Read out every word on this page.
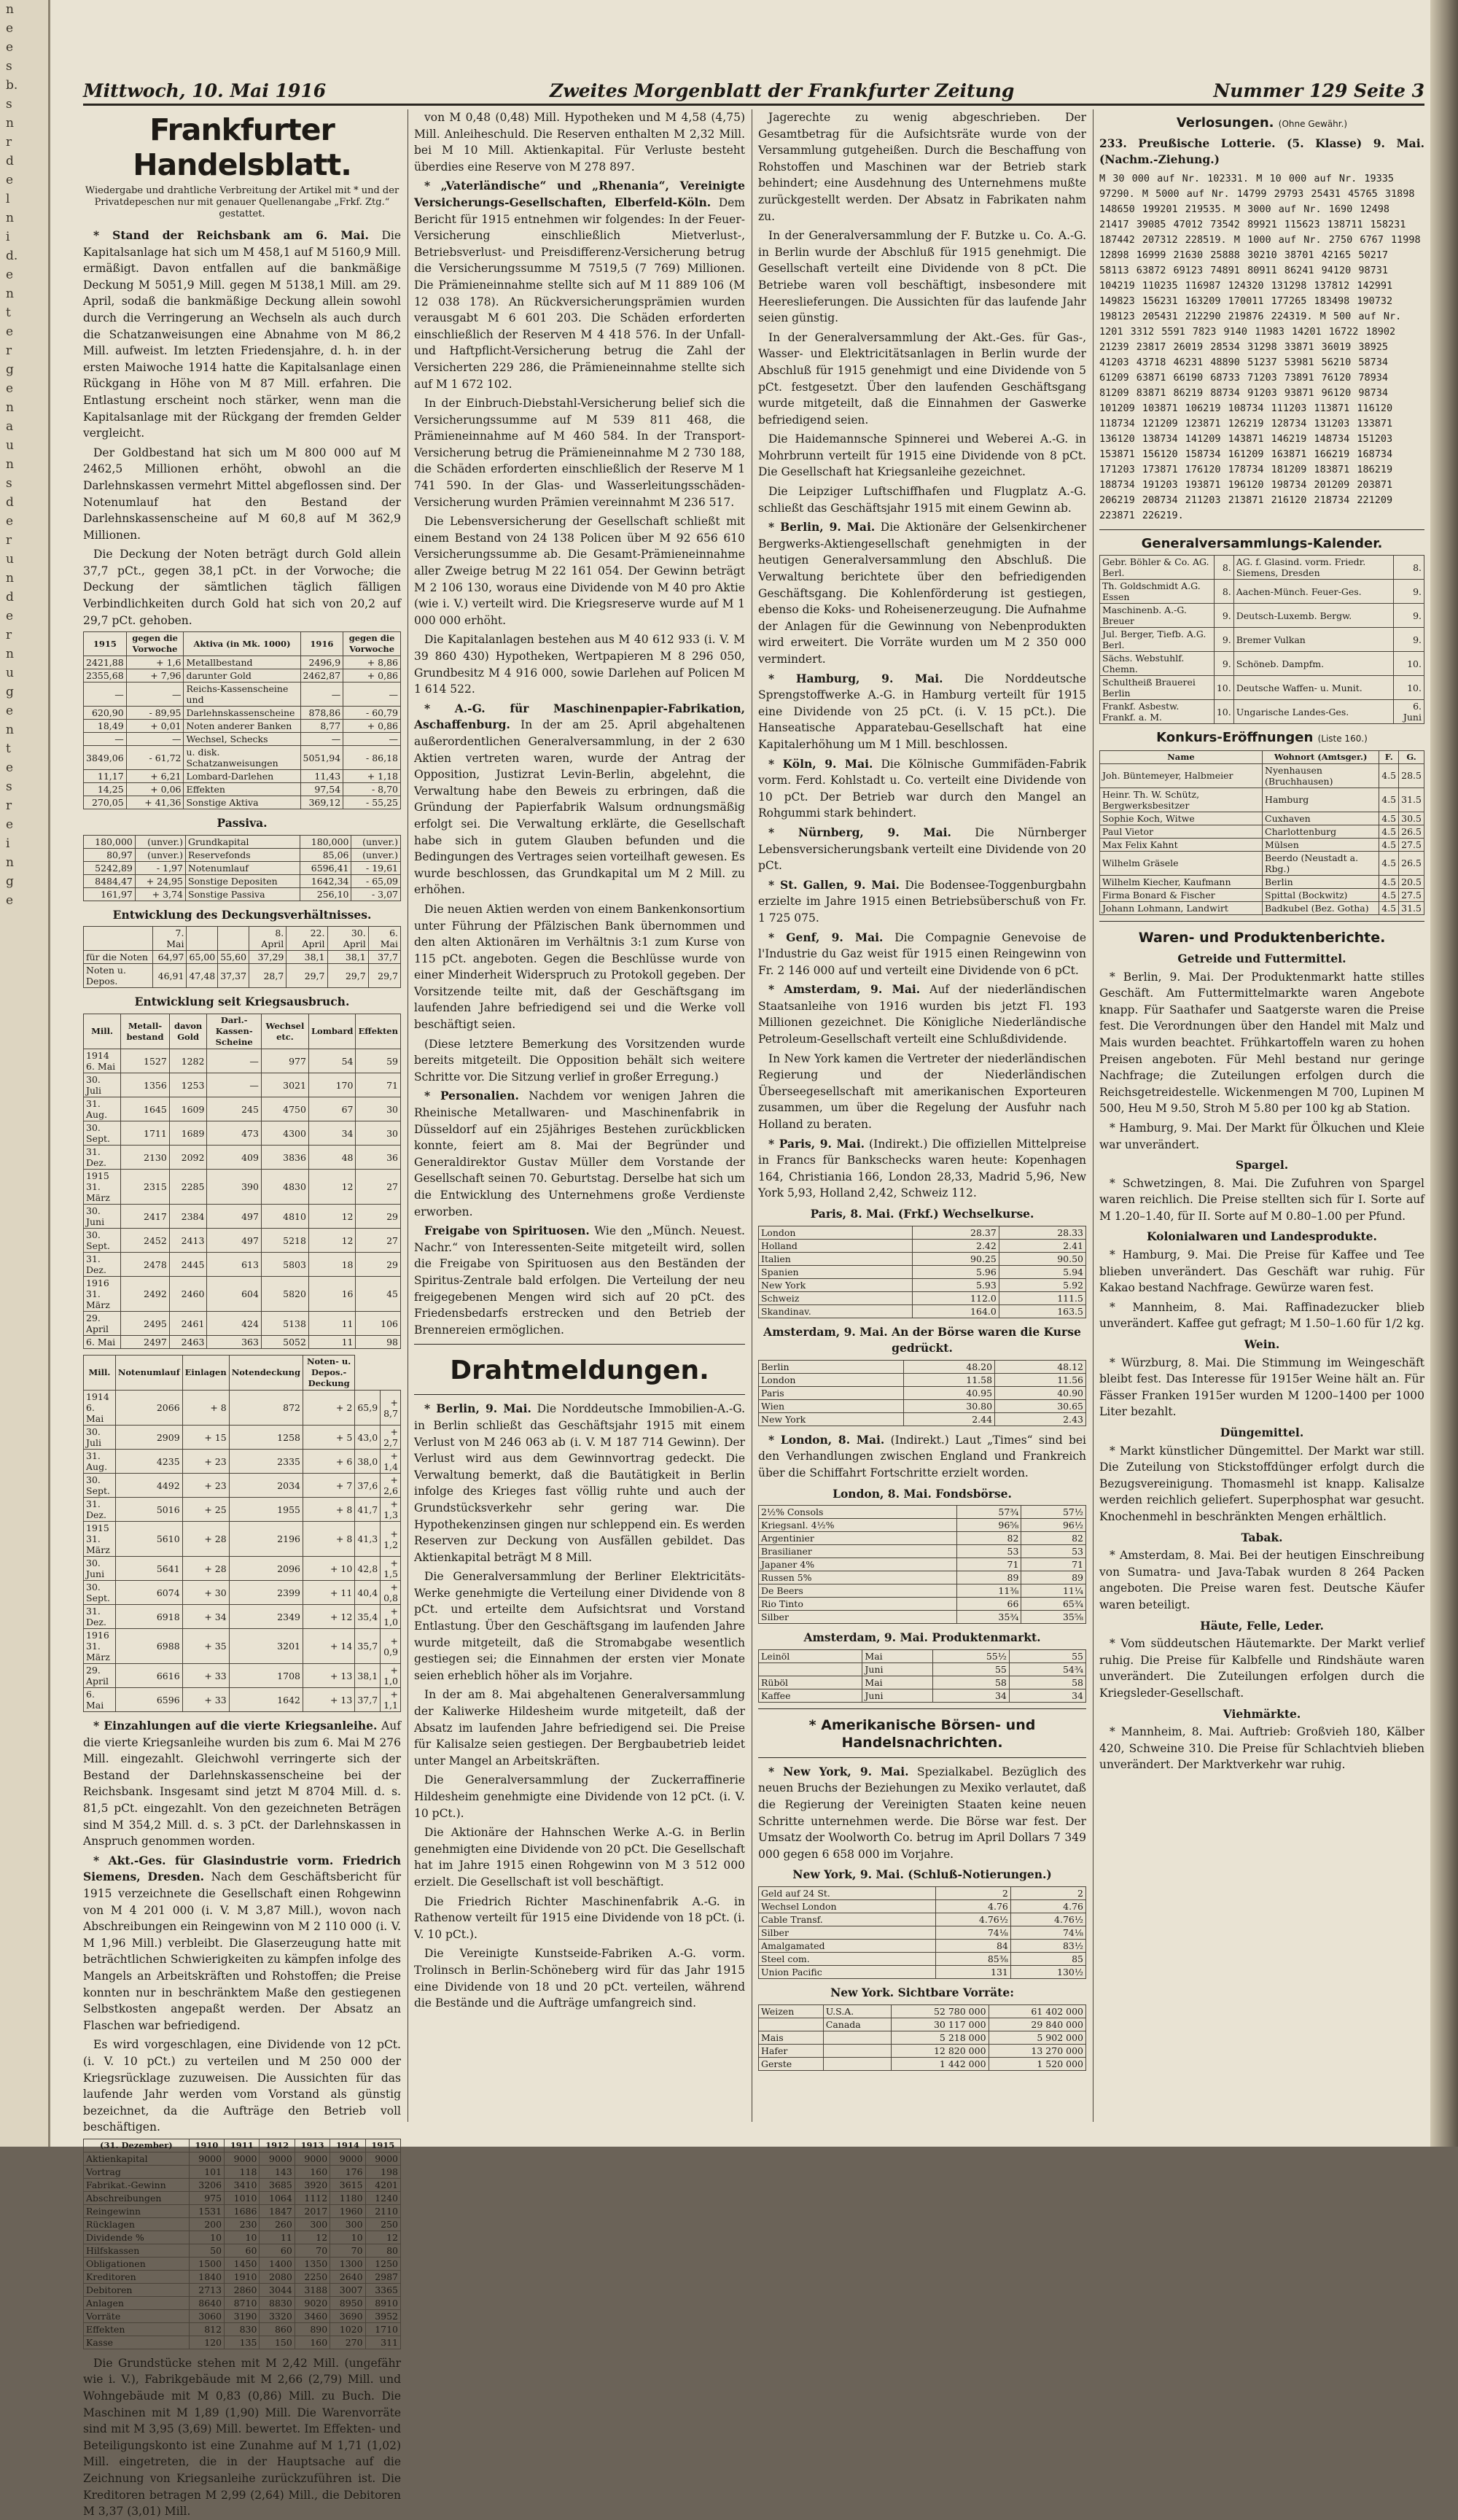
n
e
e
s
b.
s
n
r
d
e
l
n
i
d.
e
n
t
e
r
g
e
n
a
u
n
s
d
e
r
u
n
d
e
r
n
u
g
e
n
t
e
s
r
e
i
n
g
e
Mittwoch, 10. Mai 1916	Zweites Morgenblatt der Frankfurter Zeitung	Nummer 129 Seite 3
Frankfurter Handelsblatt.
Wiedergabe und drahtliche Verbreitung der Artikel mit * und der Privatdepeschen nur mit genauer Quellenangabe „Frkf. Ztg.“ gestattet.

* Stand der Reichsbank am 6. Mai. Die Kapitalsanlage hat sich um M 458,1 auf M 5160,9 Mill. ermäßigt. Davon entfallen auf die bankmäßige Deckung M 5051,9 Mill. gegen M 5138,1 Mill. am 29. April, sodaß die bankmäßige Deckung allein sowohl durch die Verringerung an Wechseln als auch durch die Schatzanweisungen eine Abnahme von M 86,2 Mill. aufweist. Im letzten Friedensjahre, d. h. in der ersten Maiwoche 1914 hatte die Kapitalsanlage einen Rückgang in Höhe von M 87 Mill. erfahren. Die Entlastung erscheint noch stärker, wenn man die Kapitalsanlage mit der Rückgang der fremden Gelder vergleicht.

Der Goldbestand hat sich um M 800 000 auf M 2462,5 Millionen erhöht, obwohl an die Darlehnskassen vermehrt Mittel abgeflossen sind. Der Notenumlauf hat den Bestand der Darlehnskassenscheine auf M 60,8 auf M 362,9 Millionen.

Die Deckung der Noten beträgt durch Gold allein 37,7 pCt., gegen 38,1 pCt. in der Vorwoche; die Deckung der sämtlichen täglich fälligen Verbindlichkeiten durch Gold hat sich von 20,2 auf 29,7 pCt. gehoben.

1915	gegen die Vorwoche	Aktiva (in Mk. 1000)	1916	gegen die Vorwoche
2421,88	+ 1,6	Metallbestand	2496,9	+ 8,86
2355,68	+ 7,96	darunter Gold	2462,87	+ 0,86
—	—	Reichs-Kassenscheine und	—	—
620,90	- 89,95	Darlehnskassenscheine	878,86	- 60,79
18,49	+ 0,01	Noten anderer Banken	8,77	+ 0,86
—	—	Wechsel, Schecks	—	—
3849,06	- 61,72	u. disk. Schatzanweisungen	5051,94	- 86,18
11,17	+ 6,21	Lombard-Darlehen	11,43	+ 1,18
14,25	+ 0,06	Effekten	97,54	- 8,70
270,05	+ 41,36	Sonstige Aktiva	369,12	- 55,25
Passiva.
180,000	(unver.)	Grundkapital	180,000	(unver.)
80,97	(unver.)	Reservefonds	85,06	(unver.)
5242,89	- 1,97	Notenumlauf	6596,41	- 19,61
8484,47	+ 24,95	Sonstige Depositen	1642,34	- 65,09
161,97	+ 3,74	Sonstige Passiva	256,10	- 3,07
Entwicklung des Deckungsverhältnisses.
	7. Mai			8. April	22. April	30. April	6. Mai
für die Noten	64,97	65,00	55,60	37,29	38,1	38,1	37,7
Noten u. Depos.	46,91	47,48	37,37	28,7	29,7	29,7	29,7
Entwicklung seit Kriegsausbruch.
Mill.	Metall-bestand	davon Gold	Darl.-Kassen-Scheine	Wechsel etc.	Lombard	Effekten
1914 6. Mai	1527	1282	—	977	54	59
30. Juli	1356	1253	—	3021	170	71
31. Aug.	1645	1609	245	4750	67	30
30. Sept.	1711	1689	473	4300	34	30
31. Dez.	2130	2092	409	3836	48	36
1915 31. März	2315	2285	390	4830	12	27
30. Juni	2417	2384	497	4810	12	29
30. Sept.	2452	2413	497	5218	12	27
31. Dez.	2478	2445	613	5803	18	29
1916 31. März	2492	2460	604	5820	16	45
29. April	2495	2461	424	5138	11	106
6. Mai	2497	2463	363	5052	11	98
Mill.	Notenumlauf	Einlagen	Notendeckung	Noten- u. Depos.-Deckung		
1914 6. Mai	2066	+ 8	872	+ 2	65,9	+ 8,7
30. Juli	2909	+ 15	1258	+ 5	43,0	+ 2,7
31. Aug.	4235	+ 23	2335	+ 6	38,0	+ 1,4
30. Sept.	4492	+ 23	2034	+ 7	37,6	+ 2,6
31. Dez.	5016	+ 25	1955	+ 8	41,7	+ 1,3
1915 31. März	5610	+ 28	2196	+ 8	41,3	+ 1,2
30. Juni	5641	+ 28	2096	+ 10	42,8	+ 1,5
30. Sept.	6074	+ 30	2399	+ 11	40,4	+ 0,8
31. Dez.	6918	+ 34	2349	+ 12	35,4	+ 1,0
1916 31. März	6988	+ 35	3201	+ 14	35,7	+ 0,9
29. April	6616	+ 33	1708	+ 13	38,1	+ 1,0
6. Mai	6596	+ 33	1642	+ 13	37,7	+ 1,1

* Einzahlungen auf die vierte Kriegsanleihe. Auf die vierte Kriegsanleihe wurden bis zum 6. Mai M 276 Mill. eingezahlt. Gleichwohl verringerte sich der Bestand der Darlehnskassenscheine bei der Reichsbank. Insgesamt sind jetzt M 8704 Mill. d. s. 81,5 pCt. eingezahlt. Von den gezeichneten Beträgen sind M 354,2 Mill. d. s. 3 pCt. der Darlehnskassen in Anspruch genommen worden.

* Akt.-Ges. für Glasindustrie vorm. Friedrich Siemens, Dresden. Nach dem Geschäftsbericht für 1915 verzeichnete die Gesellschaft einen Rohgewinn von M 4 201 000 (i. V. M 3,87 Mill.), wovon nach Abschreibungen ein Reingewinn von M 2 110 000 (i. V. M 1,96 Mill.) verbleibt. Die Glaserzeugung hatte mit beträchtlichen Schwierigkeiten zu kämpfen infolge des Mangels an Arbeitskräften und Rohstoffen; die Preise konnten nur in beschränktem Maße den gestiegenen Selbstkosten angepaßt werden. Der Absatz an Flaschen war befriedigend.

Es wird vorgeschlagen, eine Dividende von 12 pCt. (i. V. 10 pCt.) zu verteilen und M 250 000 der Kriegsrücklage zuzuweisen. Die Aussichten für das laufende Jahr werden vom Vorstand als günstig bezeichnet, da die Aufträge den Betrieb voll beschäftigen.

(31. Dezember)	1910	1911	1912	1913	1914	1915
Aktienkapital	9000	9000	9000	9000	9000	9000
Vortrag	101	118	143	160	176	198
Fabrikat.-Gewinn	3206	3410	3685	3920	3615	4201
Abschreibungen	975	1010	1064	1112	1180	1240
Reingewinn	1531	1686	1847	2017	1960	2110
Rücklagen	200	230	260	300	300	250
Dividende %	10	10	11	12	10	12
Hilfskassen	50	60	60	70	70	80
Obligationen	1500	1450	1400	1350	1300	1250
Kreditoren	1840	1910	2080	2250	2640	2987
Debitoren	2713	2860	3044	3188	3007	3365
Anlagen	8640	8710	8830	9020	8950	8910
Vorräte	3060	3190	3320	3460	3690	3952
Effekten	812	830	860	890	1020	1710
Kasse	120	135	150	160	270	311

Die Grundstücke stehen mit M 2,42 Mill. (ungefähr wie i. V.), Fabrikgebäude mit M 2,66 (2,79) Mill. und Wohngebäude mit M 0,83 (0,86) Mill. zu Buch. Die Maschinen mit M 1,89 (1,90) Mill. Die Warenvorräte sind mit M 3,95 (3,69) Mill. bewertet. Im Effekten- und Beteiligungskonto ist eine Zunahme auf M 1,71 (1,02) Mill. eingetreten, die in der Hauptsache auf die Zeichnung von Kriegsanleihe zurückzuführen ist. Die Kreditoren betragen M 2,99 (2,64) Mill., die Debitoren M 3,37 (3,01) Mill.

von M 0,48 (0,48) Mill. Hypotheken und M 4,58 (4,75) Mill. Anleiheschuld. Die Reserven enthalten M 2,32 Mill. bei M 10 Mill. Aktienkapital. Für Verluste besteht überdies eine Reserve von M 278 897.

* „Vaterländische“ und „Rhenania“, Vereinigte Versicherungs-Gesellschaften, Elberfeld-Köln. Dem Bericht für 1915 entnehmen wir folgendes: In der Feuer-Versicherung einschließlich Mietverlust-, Betriebsverlust- und Preisdifferenz-Versicherung betrug die Versicherungssumme M 7519,5 (7 769) Millionen. Die Prämieneinnahme stellte sich auf M 11 889 106 (M 12 038 178). An Rückversicherungsprämien wurden verausgabt M 6 601 203. Die Schäden erforderten einschließlich der Reserven M 4 418 576. In der Unfall- und Haftpflicht-Versicherung betrug die Zahl der Versicherten 229 286, die Prämieneinnahme stellte sich auf M 1 672 102.

In der Einbruch-Diebstahl-Versicherung belief sich die Versicherungssumme auf M 539 811 468, die Prämieneinnahme auf M 460 584. In der Transport-Versicherung betrug die Prämieneinnahme M 2 730 188, die Schäden erforderten einschließlich der Reserve M 1 741 590. In der Glas- und Wasserleitungsschäden-Versicherung wurden Prämien vereinnahmt M 236 517.

Die Lebensversicherung der Gesellschaft schließt mit einem Bestand von 24 138 Policen über M 92 656 610 Versicherungssumme ab. Die Gesamt-Prämieneinnahme aller Zweige betrug M 22 161 054. Der Gewinn beträgt M 2 106 130, woraus eine Dividende von M 40 pro Aktie (wie i. V.) verteilt wird. Die Kriegsreserve wurde auf M 1 000 000 erhöht.

Die Kapitalanlagen bestehen aus M 40 612 933 (i. V. M 39 860 430) Hypotheken, Wertpapieren M 8 296 050, Grundbesitz M 4 916 000, sowie Darlehen auf Policen M 1 614 522.

* A.-G. für Maschinenpapier-Fabrikation, Aschaffenburg. In der am 25. April abgehaltenen außerordentlichen Generalversammlung, in der 2 630 Aktien vertreten waren, wurde der Antrag der Opposition, Justizrat Levin-Berlin, abgelehnt, die Verwaltung habe den Beweis zu erbringen, daß die Gründung der Papierfabrik Walsum ordnungsmäßig erfolgt sei. Die Verwaltung erklärte, die Gesellschaft habe sich in gutem Glauben befunden und die Bedingungen des Vertrages seien vorteilhaft gewesen. Es wurde beschlossen, das Grundkapital um M 2 Mill. zu erhöhen.

Die neuen Aktien werden von einem Bankenkonsortium unter Führung der Pfälzischen Bank übernommen und den alten Aktionären im Verhältnis 3:1 zum Kurse von 115 pCt. angeboten. Gegen die Beschlüsse wurde von einer Minderheit Widerspruch zu Protokoll gegeben. Der Vorsitzende teilte mit, daß der Geschäftsgang im laufenden Jahre befriedigend sei und die Werke voll beschäftigt seien.

(Diese letztere Bemerkung des Vorsitzenden wurde bereits mitgeteilt. Die Opposition behält sich weitere Schritte vor. Die Sitzung verlief in großer Erregung.)

* Personalien. Nachdem vor wenigen Jahren die Rheinische Metallwaren- und Maschinenfabrik in Düsseldorf auf ein 25jähriges Bestehen zurückblicken konnte, feiert am 8. Mai der Begründer und Generaldirektor Gustav Müller dem Vorstande der Gesellschaft seinen 70. Geburtstag. Derselbe hat sich um die Entwicklung des Unternehmens große Verdienste erworben.

Freigabe von Spirituosen. Wie den „Münch. Neuest. Nachr.“ von Interessenten-Seite mitgeteilt wird, sollen die Freigabe von Spirituosen aus den Beständen der Spiritus-Zentrale bald erfolgen. Die Verteilung der neu freigegebenen Mengen wird sich auf 20 pCt. des Friedensbedarfs erstrecken und den Betrieb der Brennereien ermöglichen.

Drahtmeldungen.

* Berlin, 9. Mai. Die Norddeutsche Immobilien-A.-G. in Berlin schließt das Geschäftsjahr 1915 mit einem Verlust von M 246 063 ab (i. V. M 187 714 Gewinn). Der Verlust wird aus dem Gewinnvortrag gedeckt. Die Verwaltung bemerkt, daß die Bautätigkeit in Berlin infolge des Krieges fast völlig ruhte und auch der Grundstücksverkehr sehr gering war. Die Hypothekenzinsen gingen nur schleppend ein. Es werden Reserven zur Deckung von Ausfällen gebildet. Das Aktienkapital beträgt M 8 Mill.

Die Generalversammlung der Berliner Elektricitäts-Werke genehmigte die Verteilung einer Dividende von 8 pCt. und erteilte dem Aufsichtsrat und Vorstand Entlastung. Über den Geschäftsgang im laufenden Jahre wurde mitgeteilt, daß die Stromabgabe wesentlich gestiegen sei; die Einnahmen der ersten vier Monate seien erheblich höher als im Vorjahre.

In der am 8. Mai abgehaltenen Generalversammlung der Kaliwerke Hildesheim wurde mitgeteilt, daß der Absatz im laufenden Jahre befriedigend sei. Die Preise für Kalisalze seien gestiegen. Der Bergbaubetrieb leidet unter Mangel an Arbeitskräften.

Die Generalversammlung der Zuckerraffinerie Hildesheim genehmigte eine Dividende von 12 pCt. (i. V. 10 pCt.).

Die Aktionäre der Hahnschen Werke A.-G. in Berlin genehmigten eine Dividende von 20 pCt. Die Gesellschaft hat im Jahre 1915 einen Rohgewinn von M 3 512 000 erzielt. Die Gesellschaft ist voll beschäftigt.

Die Friedrich Richter Maschinenfabrik A.-G. in Rathenow verteilt für 1915 eine Dividende von 18 pCt. (i. V. 10 pCt.).

Die Vereinigte Kunstseide-Fabriken A.-G. vorm. Trolinsch in Berlin-Schöneberg wird für das Jahr 1915 eine Dividende von 18 und 20 pCt. verteilen, während die Bestände und die Aufträge umfangreich sind.

Jagerechte zu wenig abgeschrieben. Der Gesamtbetrag für die Aufsichtsräte wurde von der Versammlung gutgeheißen. Durch die Beschaffung von Rohstoffen und Maschinen war der Betrieb stark behindert; eine Ausdehnung des Unternehmens mußte zurückgestellt werden. Der Absatz in Fabrikaten nahm zu.

In der Generalversammlung der F. Butzke u. Co. A.-G. in Berlin wurde der Abschluß für 1915 genehmigt. Die Gesellschaft verteilt eine Dividende von 8 pCt. Die Betriebe waren voll beschäftigt, insbesondere mit Heereslieferungen. Die Aussichten für das laufende Jahr seien günstig.

In der Generalversammlung der Akt.-Ges. für Gas-, Wasser- und Elektricitätsanlagen in Berlin wurde der Abschluß für 1915 genehmigt und eine Dividende von 5 pCt. festgesetzt. Über den laufenden Geschäftsgang wurde mitgeteilt, daß die Einnahmen der Gaswerke befriedigend seien.

Die Haidemannsche Spinnerei und Weberei A.-G. in Mohrbrunn verteilt für 1915 eine Dividende von 8 pCt. Die Gesellschaft hat Kriegsanleihe gezeichnet.

Die Leipziger Luftschiffhafen und Flugplatz A.-G. schließt das Geschäftsjahr 1915 mit einem Gewinn ab.

* Berlin, 9. Mai. Die Aktionäre der Gelsenkirchener Bergwerks-Aktiengesellschaft genehmigten in der heutigen Generalversammlung den Abschluß. Die Verwaltung berichtete über den befriedigenden Geschäftsgang. Die Kohlenförderung ist gestiegen, ebenso die Koks- und Roheisenerzeugung. Die Aufnahme der Anlagen für die Gewinnung von Nebenprodukten wird erweitert. Die Vorräte wurden um M 2 350 000 vermindert.

* Hamburg, 9. Mai. Die Norddeutsche Sprengstoffwerke A.-G. in Hamburg verteilt für 1915 eine Dividende von 25 pCt. (i. V. 15 pCt.). Die Hanseatische Apparatebau-Gesellschaft hat eine Kapitalerhöhung um M 1 Mill. beschlossen.

* Köln, 9. Mai. Die Kölnische Gummifäden-Fabrik vorm. Ferd. Kohlstadt u. Co. verteilt eine Dividende von 10 pCt. Der Betrieb war durch den Mangel an Rohgummi stark behindert.

* Nürnberg, 9. Mai. Die Nürnberger Lebensversicherungsbank verteilt eine Dividende von 20 pCt.

* St. Gallen, 9. Mai. Die Bodensee-Toggenburgbahn erzielte im Jahre 1915 einen Betriebsüberschuß von Fr. 1 725 075.

* Genf, 9. Mai. Die Compagnie Genevoise de l'Industrie du Gaz weist für 1915 einen Reingewinn von Fr. 2 146 000 auf und verteilt eine Dividende von 6 pCt.

* Amsterdam, 9. Mai. Auf der niederländischen Staatsanleihe von 1916 wurden bis jetzt Fl. 193 Millionen gezeichnet. Die Königliche Niederländische Petroleum-Gesellschaft verteilt eine Schlußdividende.

In New York kamen die Vertreter der niederländischen Regierung und der Niederländischen Überseegesellschaft mit amerikanischen Exporteuren zusammen, um über die Regelung der Ausfuhr nach Holland zu beraten.

* Paris, 9. Mai. (Indirekt.) Die offiziellen Mittelpreise in Francs für Bankschecks waren heute: Kopenhagen 164, Christiania 166, London 28,33, Madrid 5,96, New York 5,93, Holland 2,42, Schweiz 112.

Paris, 8. Mai. (Frkf.) Wechselkurse.
London	28.37	28.33
Holland	2.42	2.41
Italien	90.25	90.50
Spanien	5.96	5.94
New York	5.93	5.92
Schweiz	112.0	111.5
Skandinav.	164.0	163.5
Amsterdam, 9. Mai. An der Börse waren die Kurse gedrückt.
Berlin	48.20	48.12
London	11.58	11.56
Paris	40.95	40.90
Wien	30.80	30.65
New York	2.44	2.43

* London, 8. Mai. (Indirekt.) Laut „Times“ sind bei den Verhandlungen zwischen England und Frankreich über die Schiffahrt Fortschritte erzielt worden.

London, 8. Mai. Fondsbörse.
2½% Consols	57¾	57½
Kriegsanl. 4½%	96⅝	96½
Argentinier	82	82
Brasilianer	53	53
Japaner 4%	71	71
Russen 5%	89	89
De Beers	11⅜	11¼
Rio Tinto	66	65¾
Silber	35¾	35⅝
Amsterdam, 9. Mai. Produktenmarkt.
Leinöl	Mai	55½	55
	Juni	55	54¾
Rüböl	Mai	58	58
Kaffee	Juni	34	34
* Amerikanische Börsen- und Handelsnachrichten.

* New York, 9. Mai. Spezialkabel. Bezüglich des neuen Bruchs der Beziehungen zu Mexiko verlautet, daß die Regierung der Vereinigten Staaten keine neuen Schritte unternehmen werde. Die Börse war fest. Der Umsatz der Woolworth Co. betrug im April Dollars 7 349 000 gegen 6 658 000 im Vorjahre.

New York, 9. Mai. (Schluß-Notierungen.)
Geld auf 24 St.	2	2
Wechsel London	4.76	4.76
Cable Transf.	4.76½	4.76½
Silber	74⅛	74⅛
Amalgamated	84	83½
Steel com.	85⅜	85
Union Pacific	131	130½
New York. Sichtbare Vorräte:
Weizen	U.S.A.	52 780 000	61 402 000
	Canada	30 117 000	29 840 000
Mais		5 218 000	5 902 000
Hafer		12 820 000	13 270 000
Gerste		1 442 000	1 520 000
Verlosungen. (Ohne Gewähr.)

233. Preußische Lotterie. (5. Klasse) 9. Mai. (Nachm.-Ziehung.)

M 30 000 auf Nr. 102331. M 10 000 auf Nr. 19335 97290. M 5000 auf Nr. 14799 29793 25431 45765 31898 148650 199201 219535. M 3000 auf Nr. 1690 12498 21417 39085 47012 73542 89921 115623 138711 158231 187442 207312 228519. M 1000 auf Nr. 2750 6767 11998 12898 16999 21630 25888 30210 38701 42165 50217 58113 63872 69123 74891 80911 86241 94120 98731 104219 110235 116987 124320 131298 137812 142991 149823 156231 163209 170011 177265 183498 190732 198123 205431 212290 219876 224319. M 500 auf Nr. 1201 3312 5591 7823 9140 11983 14201 16722 18902 21239 23817 26019 28534 31298 33871 36019 38925 41203 43718 46231 48890 51237 53981 56210 58734 61209 63871 66190 68733 71203 73891 76120 78934 81209 83871 86219 88734 91203 93871 96120 98734 101209 103871 106219 108734 111203 113871 116120 118734 121209 123871 126219 128734 131203 133871 136120 138734 141209 143871 146219 148734 151203 153871 156120 158734 161209 163871 166219 168734 171203 173871 176120 178734 181209 183871 186219 188734 191203 193871 196120 198734 201209 203871 206219 208734 211203 213871 216120 218734 221209 223871 226219.
Generalversammlungs-Kalender.
Gebr. Böhler & Co. AG. Berl.	8.	AG. f. Glasind. vorm. Friedr. Siemens, Dresden	8.
Th. Goldschmidt A.G. Essen	8.	Aachen-Münch. Feuer-Ges.	9.
Maschinenb. A.-G. Breuer	9.	Deutsch-Luxemb. Bergw.	9.
Jul. Berger, Tiefb. A.G. Berl.	9.	Bremer Vulkan	9.
Sächs. Webstuhlf. Chemn.	9.	Schöneb. Dampfm.	10.
Schultheiß Brauerei Berlin	10.	Deutsche Waffen- u. Munit.	10.
Frankf. Asbestw. Frankf. a. M.	10.	Ungarische Landes-Ges.	6. Juni
Konkurs-Eröffnungen (Liste 160.)
Name	Wohnort (Amtsger.)	F.	G.
Joh. Büntemeyer, Halbmeier	Nyenhausen (Bruchhausen)	4.5	28.5
Heinr. Th. W. Schütz, Bergwerksbesitzer	Hamburg	4.5	31.5
Sophie Koch, Witwe	Cuxhaven	4.5	30.5
Paul Vietor	Charlottenburg	4.5	26.5
Max Felix Kahnt	Mülsen	4.5	27.5
Wilhelm Gräsele	Beerdo (Neustadt a. Rbg.)	4.5	26.5
Wilhelm Kiecher, Kaufmann	Berlin	4.5	20.5
Firma Bonard & Fischer	Spittal (Bockwitz)	4.5	27.5
Johann Lohmann, Landwirt	Badkubel (Bez. Gotha)	4.5	31.5
Waren- und Produktenberichte.
Getreide und Futtermittel.

* Berlin, 9. Mai. Der Produktenmarkt hatte stilles Geschäft. Am Futtermittelmarkte waren Angebote knapp. Für Saathafer und Saatgerste waren die Preise fest. Die Verordnungen über den Handel mit Malz und Mais wurden beachtet. Frühkartoffeln waren zu hohen Preisen angeboten. Für Mehl bestand nur geringe Nachfrage; die Zuteilungen erfolgen durch die Reichsgetreidestelle. Wickenmengen M 700, Lupinen M 500, Heu M 9.50, Stroh M 5.80 per 100 kg ab Station.

* Hamburg, 9. Mai. Der Markt für Ölkuchen und Kleie war unverändert.

Spargel.

* Schwetzingen, 8. Mai. Die Zufuhren von Spargel waren reichlich. Die Preise stellten sich für I. Sorte auf M 1.20–1.40, für II. Sorte auf M 0.80–1.00 per Pfund.

Kolonialwaren und Landesprodukte.

* Hamburg, 9. Mai. Die Preise für Kaffee und Tee blieben unverändert. Das Geschäft war ruhig. Für Kakao bestand Nachfrage. Gewürze waren fest.

* Mannheim, 8. Mai. Raffinadezucker blieb unverändert. Kaffee gut gefragt; M 1.50–1.60 für 1/2 kg.

Wein.

* Würzburg, 8. Mai. Die Stimmung im Weingeschäft bleibt fest. Das Interesse für 1915er Weine hält an. Für Fässer Franken 1915er wurden M 1200–1400 per 1000 Liter bezahlt.

Düngemittel.

* Markt künstlicher Düngemittel. Der Markt war still. Die Zuteilung von Stickstoffdünger erfolgt durch die Bezugsvereinigung. Thomasmehl ist knapp. Kalisalze werden reichlich geliefert. Superphosphat war gesucht. Knochenmehl in beschränkten Mengen erhältlich.

Tabak.

* Amsterdam, 8. Mai. Bei der heutigen Einschreibung von Sumatra- und Java-Tabak wurden 8 264 Packen angeboten. Die Preise waren fest. Deutsche Käufer waren beteiligt.

Häute, Felle, Leder.

* Vom süddeutschen Häutemarkte. Der Markt verlief ruhig. Die Preise für Kalbfelle und Rindshäute waren unverändert. Die Zuteilungen erfolgen durch die Kriegsleder-Gesellschaft.

Viehmärkte.

* Mannheim, 8. Mai. Auftrieb: Großvieh 180, Kälber 420, Schweine 310. Die Preise für Schlachtvieh blieben unverändert. Der Marktverkehr war ruhig.
